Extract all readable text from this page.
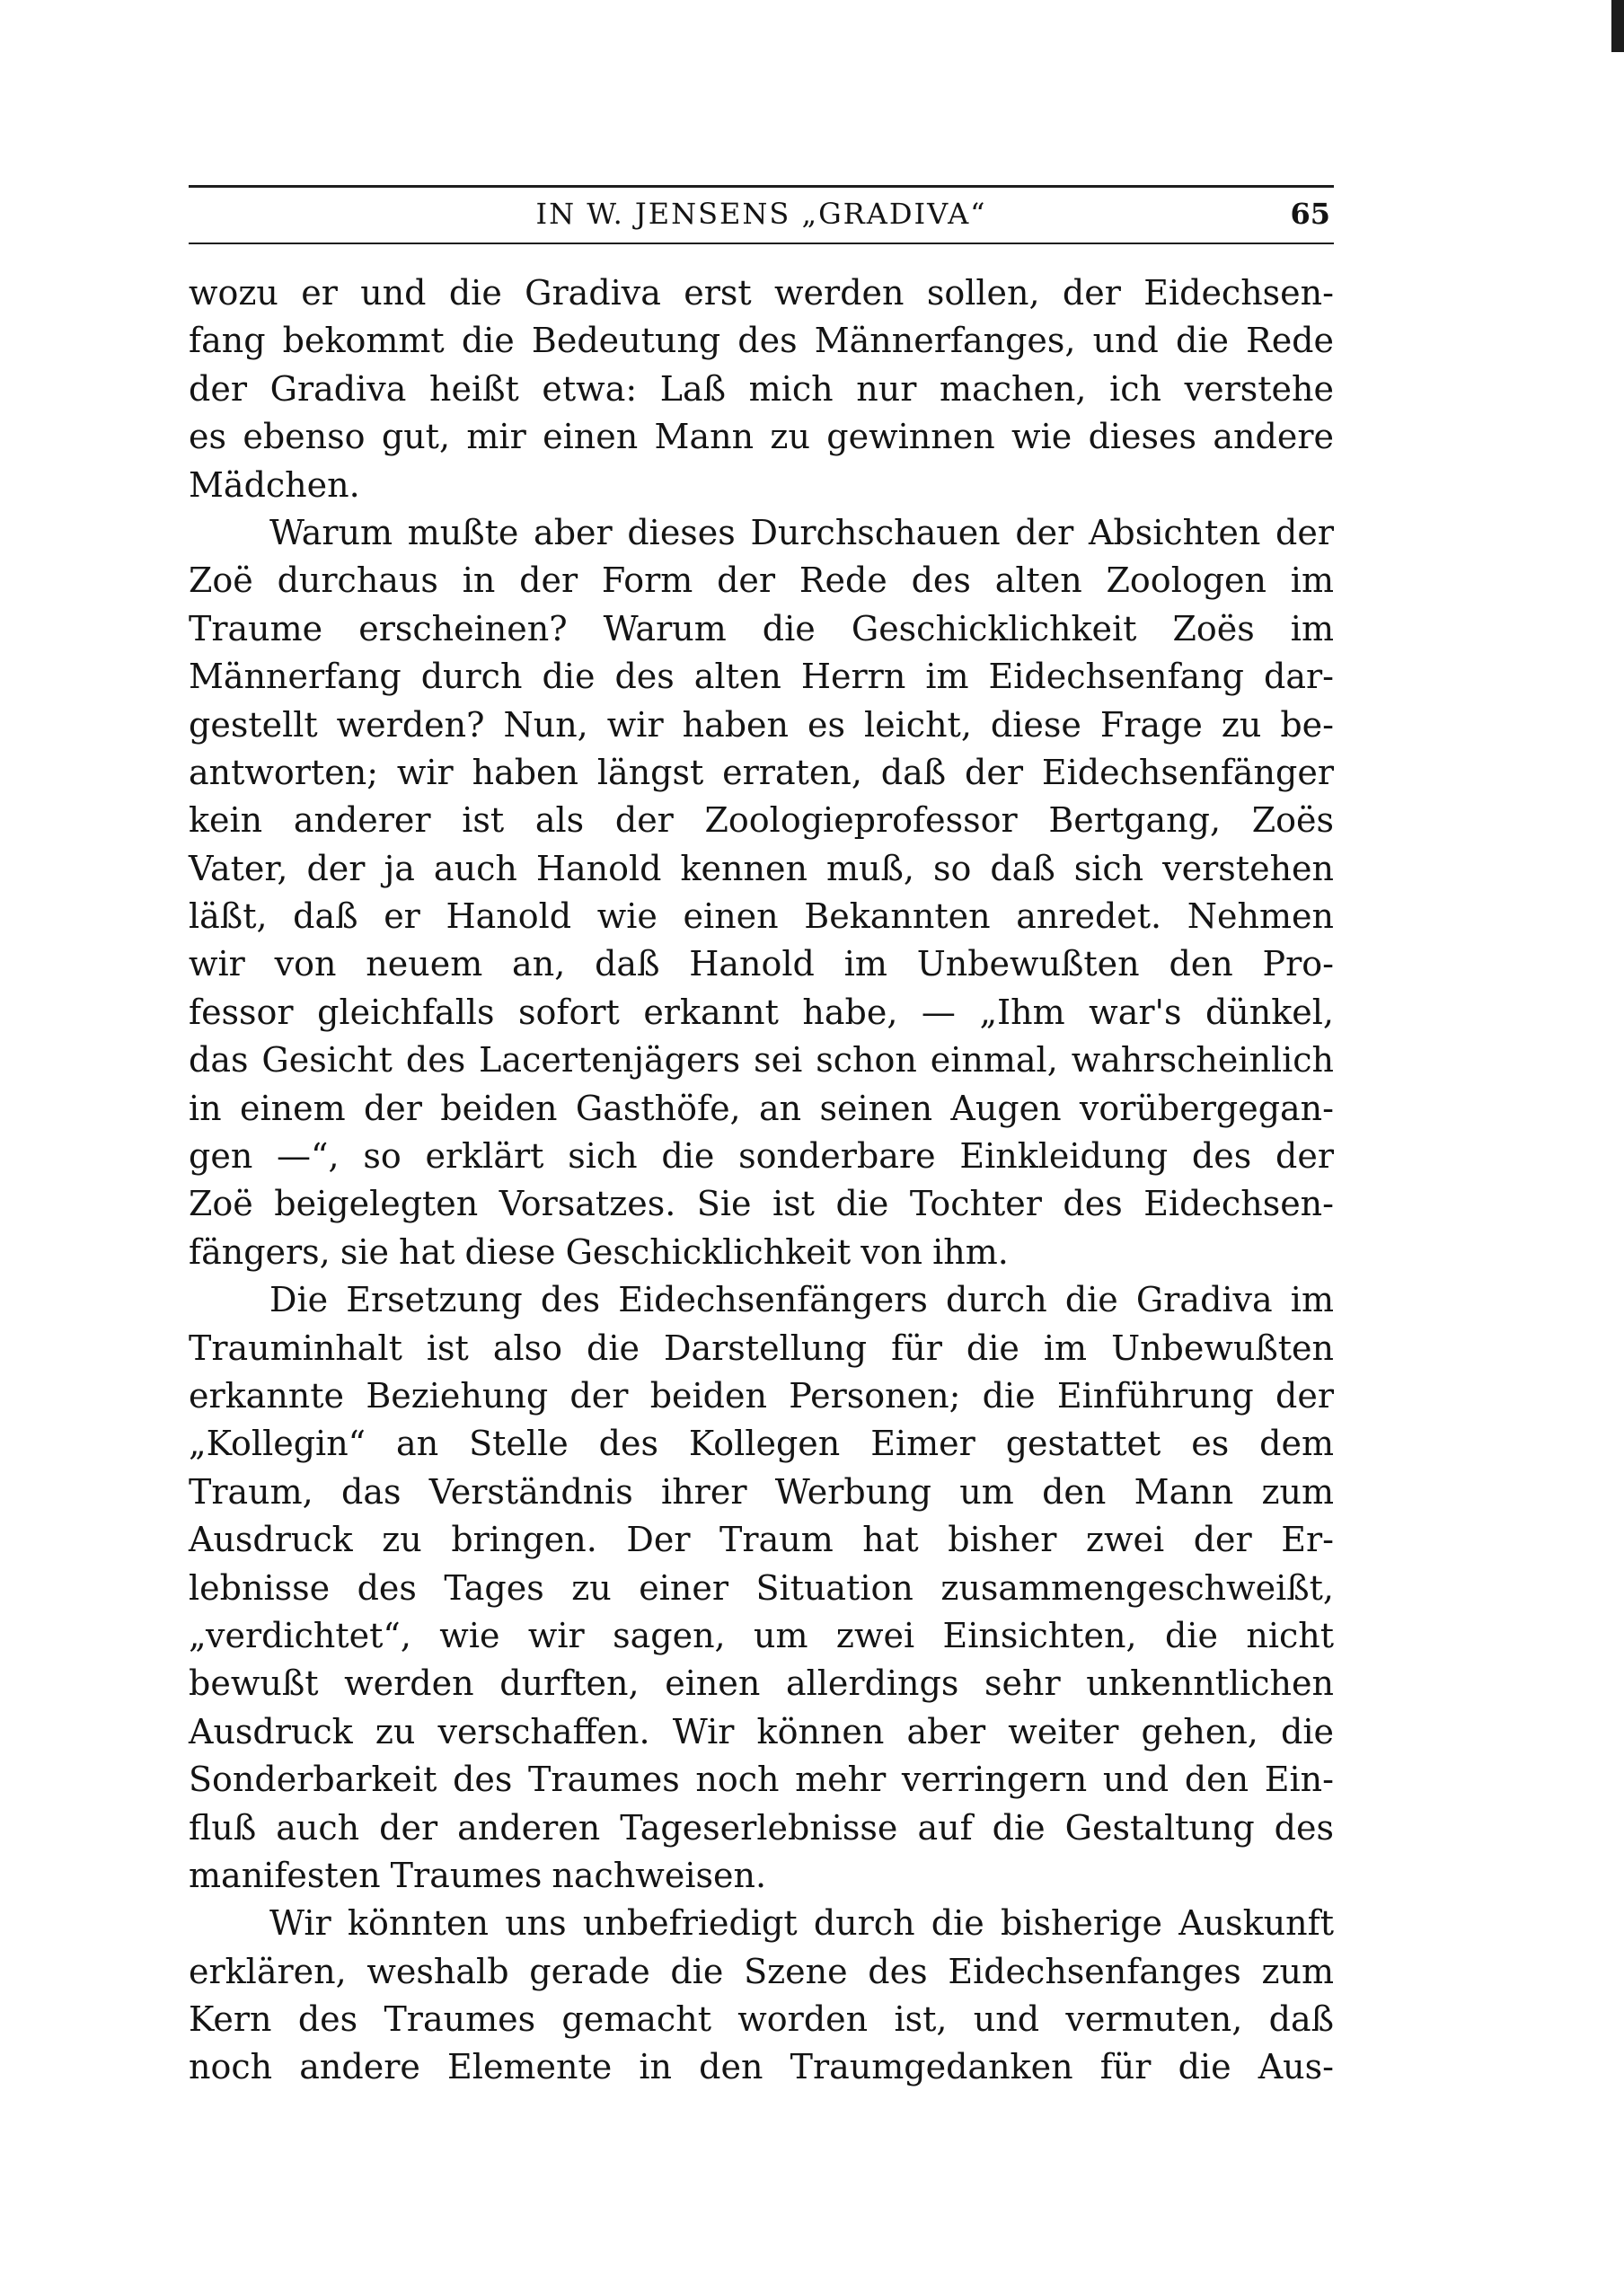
IN W. JENSENS „GRADIVA“	65
wozu er und die Gradiva erst werden sollen, der Eidechsen-
fang bekommt die Bedeutung des Männerfanges, und die Rede
der Gradiva heißt etwa: Laß mich nur machen, ich verstehe
es ebenso gut, mir einen Mann zu gewinnen wie dieses andere
Mädchen.
Warum mußte aber dieses Durchschauen der Absichten der
Zoë durchaus in der Form der Rede des alten Zoologen im
Traume erscheinen? Warum die Geschicklichkeit Zoës im
Männerfang durch die des alten Herrn im Eidechsenfang dar-
gestellt werden? Nun, wir haben es leicht, diese Frage zu be-
antworten; wir haben längst erraten, daß der Eidechsenfänger
kein anderer ist als der Zoologieprofessor Bertgang, Zoës
Vater, der ja auch Hanold kennen muß, so daß sich verstehen
läßt, daß er Hanold wie einen Bekannten anredet. Nehmen
wir von neuem an, daß Hanold im Unbewußten den Pro-
fessor gleichfalls sofort erkannt habe, — „Ihm war's dünkel,
das Gesicht des Lacertenjägers sei schon einmal, wahrscheinlich
in einem der beiden Gasthöfe, an seinen Augen vorübergegan-
gen —“, so erklärt sich die sonderbare Einkleidung des der
Zoë beigelegten Vorsatzes. Sie ist die Tochter des Eidechsen-
fängers, sie hat diese Geschicklichkeit von ihm.
Die Ersetzung des Eidechsenfängers durch die Gradiva im
Trauminhalt ist also die Darstellung für die im Unbewußten
erkannte Beziehung der beiden Personen; die Einführung der
„Kollegin“ an Stelle des Kollegen Eimer gestattet es dem
Traum, das Verständnis ihrer Werbung um den Mann zum
Ausdruck zu bringen. Der Traum hat bisher zwei der Er-
lebnisse des Tages zu einer Situation zusammengeschweißt,
„verdichtet“, wie wir sagen, um zwei Einsichten, die nicht
bewußt werden durften, einen allerdings sehr unkenntlichen
Ausdruck zu verschaffen. Wir können aber weiter gehen, die
Sonderbarkeit des Traumes noch mehr verringern und den Ein-
fluß auch der anderen Tageserlebnisse auf die Gestaltung des
manifesten Traumes nachweisen.
Wir könnten uns unbefriedigt durch die bisherige Auskunft
erklären, weshalb gerade die Szene des Eidechsenfanges zum
Kern des Traumes gemacht worden ist, und vermuten, daß
noch andere Elemente in den Traumgedanken für die Aus-
